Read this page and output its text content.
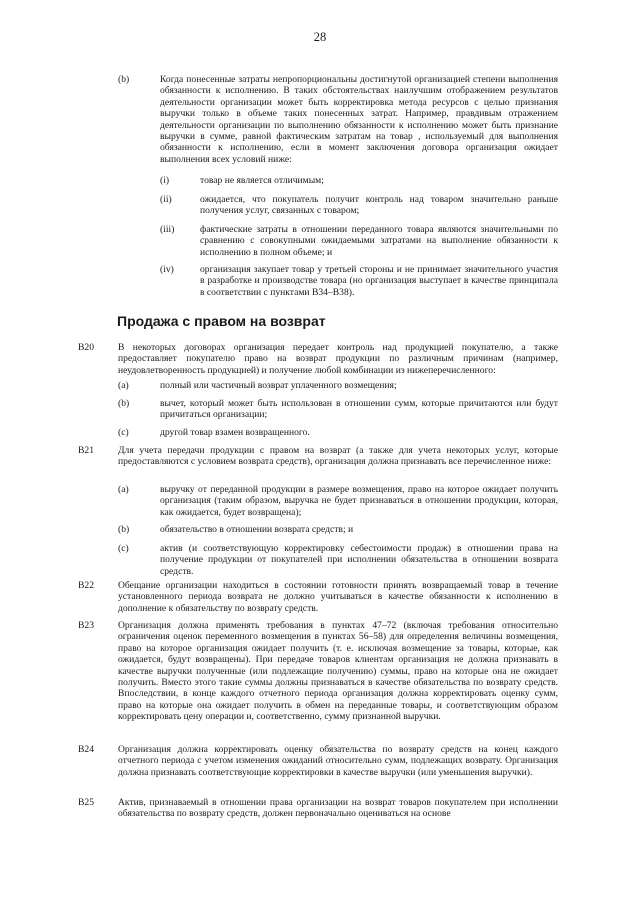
28
(b)	Когда понесенные затраты непропорциональны достигнутой организацией степени выполнения обязанности к исполнению. В таких обстоятельствах наилучшим отображением результатов деятельности организации может быть корректировка метода ресурсов с целью признания выручки только в объеме таких понесенных затрат. Например, правдивым отражением деятельности организации по выполнению обязанности к исполнению может быть признание выручки в сумме, равной фактическим затратам на товар , используемый для выполнения обязанности к исполнению, если в момент заключения договора организация ожидает выполнения всех условий ниже:
(i)	товар не является отличимым;
(ii)	ожидается, что покупатель получит контроль над товаром значительно раньше получения услуг, связанных с товаром;
(iii)	фактические затраты в отношении переданного товара являются значительными по сравнению с совокупными ожидаемыми затратами на выполнение обязанности к исполнению в полном объеме; и
(iv)	организация закупает товар у третьей стороны и не принимает значительного участия в разработке и производстве товара (но организация выступает в качестве принципала в соответствии с пунктами B34–B38).
Продажа с правом на возврат
B20	В некоторых договорах организация передает контроль над продукцией покупателю, а также предоставляет покупателю право на возврат продукции по различным причинам (например, неудовлетворенность продукцией) и получение любой комбинации из нижеперечисленного:
(a)	полный или частичный возврат уплаченного возмещения;
(b)	вычет, который может быть использован в отношении сумм, которые причитаются или будут причитаться организации;
(c)	другой товар взамен возвращенного.
B21	Для учета передачи продукции с правом на возврат (а также для учета некоторых услуг, которые предоставляются с условием возврата средств), организация должна признавать все перечисленное ниже:
(a)	выручку от переданной продукции в размере возмещения, право на которое ожидает получить организация (таким образом, выручка не будет признаваться в отношении продукции, которая, как ожидается, будет возвращена);
(b)	обязательство в отношении возврата средств; и
(c)	актив (и соответствующую корректировку себестоимости продаж) в отношении права на получение продукции от покупателей при исполнении обязательства в отношении возврата средств.
B22	Обещание организации находиться в состоянии готовности принять возвращаемый товар в течение установленного периода возврата не должно учитываться в качестве обязанности к исполнению в дополнение к обязательству по возврату средств.
B23	Организация должна применять требования в пунктах 47–72 (включая требования относительно ограничения оценок переменного возмещения в пунктах 56–58) для определения величины возмещения, право на которое организация ожидает получить (т. е. исключая возмещение за товары, которые, как ожидается, будут возвращены). При передаче товаров клиентам организация не должна признавать в качестве выручки полученные (или подлежащие получению) суммы, право на которые она не ожидает получить. Вместо этого такие суммы должны признаваться в качестве обязательства по возврату средств. Впоследствии, в конце каждого отчетного периода организация должна корректировать оценку сумм, право на которые она ожидает получить в обмен на переданные товары, и соответствующим образом корректировать цену операции и, соответственно, сумму признанной выручки.
B24	Организация должна корректировать оценку обязательства по возврату средств на конец каждого отчетного периода с учетом изменения ожиданий относительно сумм, подлежащих возврату. Организация должна признавать соответствующие корректировки в качестве выручки (или уменьшения выручки).
B25	Актив, признаваемый в отношении права организации на возврат товаров покупателем при исполнении обязательства по возврату средств, должен первоначально оцениваться на основе
